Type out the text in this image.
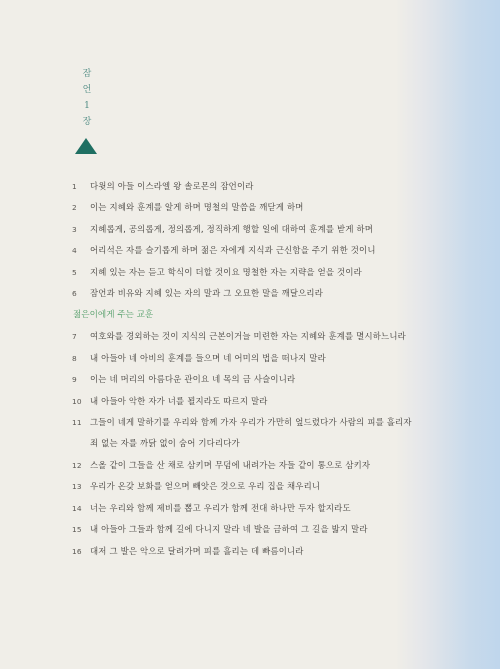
잠
언
1
장
1	다윗의 아들 이스라엘 왕 솔로몬의 잠언이라
2	이는 지혜와 훈계를 알게 하며 명철의 말씀을 깨닫게 하며
3	지혜롭게, 공의롭게, 정의롭게, 정직하게 행할 일에 대하여 훈계를 받게 하며
4	어리석은 자를 슬기롭게 하며 젊은 자에게 지식과 근신함을 주기 위한 것이니
5	지혜 있는 자는 듣고 학식이 더할 것이요 명철한 자는 지략을 얻을 것이라
6	잠언과 비유와 지혜 있는 자의 말과 그 오묘한 말을 깨달으리라
젊은이에게 주는 교훈
7	여호와를 경외하는 것이 지식의 근본이거늘 미련한 자는 지혜와 훈계를 멸시하느니라
8	내 아들아 네 아비의 훈계를 들으며 네 어미의 법을 떠나지 말라
9	이는 네 머리의 아름다운 관이요 네 목의 금 사슬이니라
10 내 아들아 악한 자가 너를 꾈지라도 따르지 말라
11 그들이 네게 말하기를 우리와 함께 가자 우리가 가만히 엎드렸다가 사람의 피를 흘리자 죄 없는 자를 까닭 없이 숨어 기다리다가
12 스올 같이 그들을 산 채로 삼키며 무덤에 내려가는 자들 같이 통으로 삼키자
13 우리가 온갖 보화를 얻으며 빼앗은 것으로 우리 집을 채우리니
14 너는 우리와 함께 제비를 뽑고 우리가 함께 전대 하나만 두자 할지라도
15 내 아들아 그들과 함께 길에 다니지 말라 네 발을 금하여 그 길을 밟지 말라
16 대저 그 발은 악으로 달려가며 피를 흘리는 데 빠름이니라
